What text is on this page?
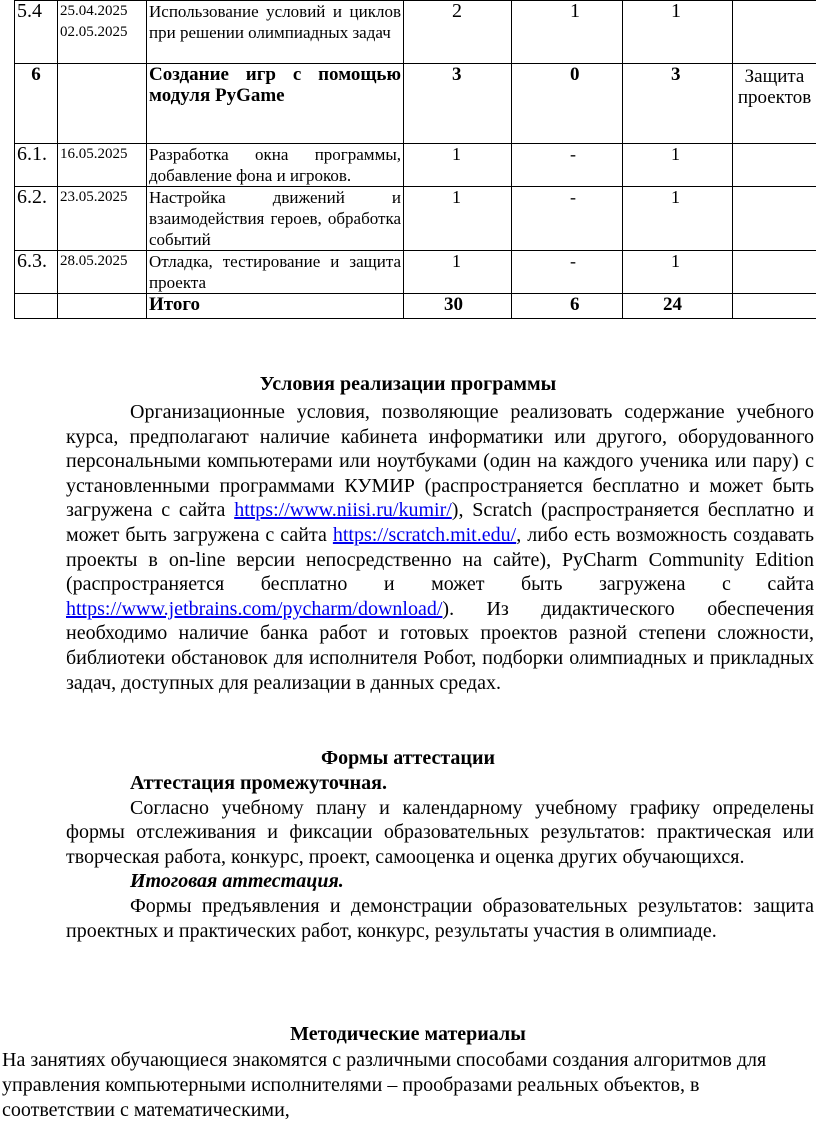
5.4	25.04.2025 02.05.2025	Использование условий и циклов при решении олимпиадных задач	2	1	1	
6		Создание игр с помощью модуля PyGame	3	0	3	Защита проектов
6.1.	16.05.2025	Разработка окна программы, добавление фона и игроков.	1	-	1	
6.2.	23.05.2025	Настройка движений и взаимодействия героев, обработка событий	1	-	1	
6.3.	28.05.2025	Отладка, тестирование и защита проекта	1	-	1	
		Итого	30	6	24	
Условия реализации программы

Организационные условия, позволяющие реализовать содержание учебного курса, предполагают наличие кабинета информатики или другого, оборудованного персональными компьютерами или ноутбуками (один на каждого ученика или пару) с установленными программами КУМИР (распространяется бесплатно и может быть загружена с сайта https://www.niisi.ru/kumir/), Scratch (распространяется бесплатно и может быть загружена с сайта https://scratch.mit.edu/, либо есть возможность создавать проекты в on-line версии непосредственно на сайте), PyCharm Community Edition (распространяется бесплатно и может быть загружена с сайта https://www.jetbrains.com/pycharm/download/). Из дидактического обеспечения необходимо наличие банка работ и готовых проектов разной степени сложности, библиотеки обстановок для исполнителя Робот, подборки олимпиадных и прикладных задач, доступных для реализации в данных средах.

Формы аттестации

Аттестация промежуточная.

Согласно учебному плану и календарному учебному графику определены формы отслеживания и фиксации образовательных результатов: практическая или творческая работа, конкурс, проект, самооценка и оценка других обучающихся.

Итоговая аттестация.

Формы предъявления и демонстрации образовательных результатов: защита проектных и практических работ, конкурс, результаты участия в олимпиаде.

Методические материалы

На занятиях обучающиеся знакомятся с различными способами создания алгоритмов для управления компьютерными исполнителями – прообразами реальных объектов, в соответствии с математическими,
